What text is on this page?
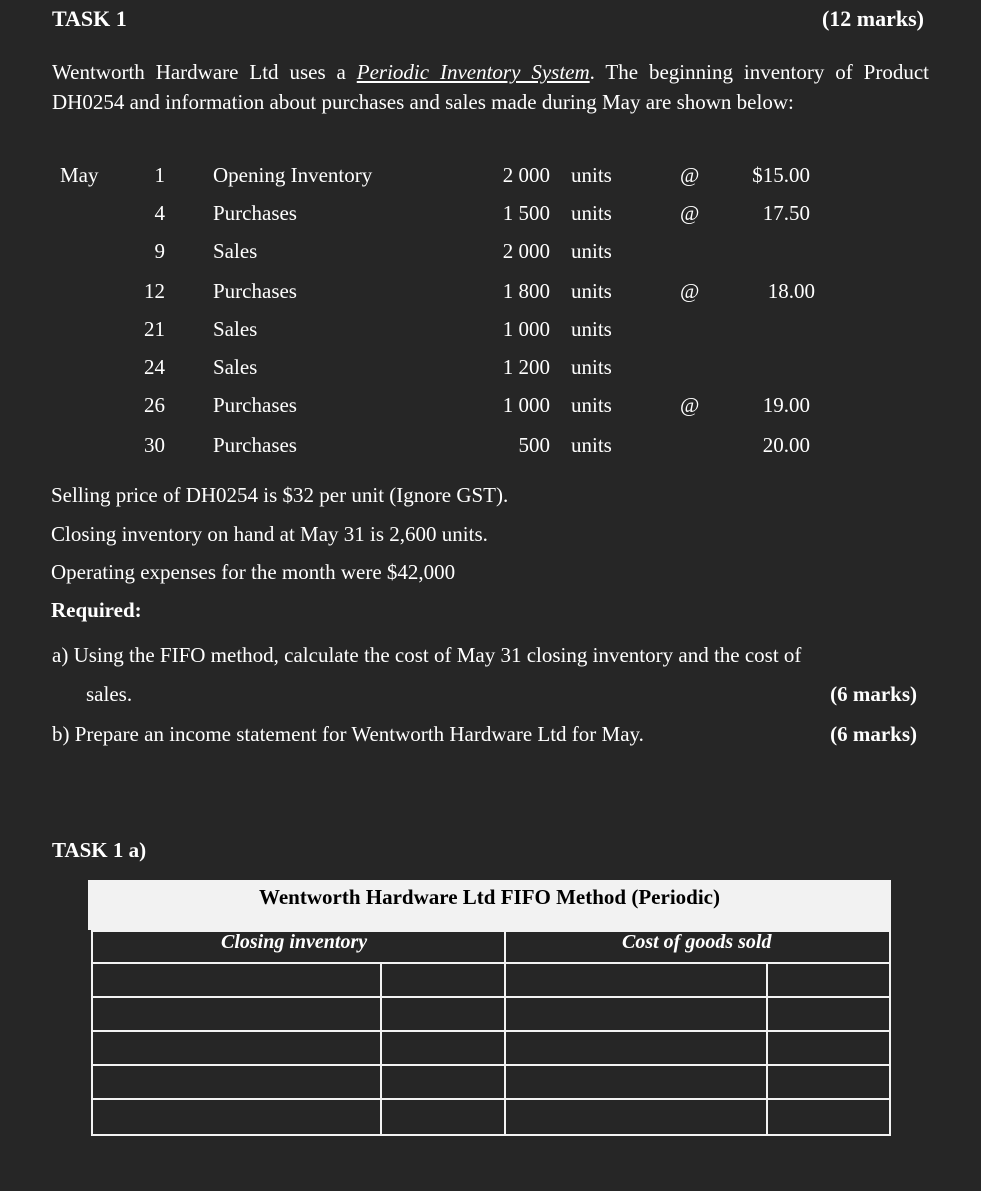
TASK 1	(12 marks)
Wentworth Hardware Ltd uses a Periodic Inventory System. The beginning inventory of Product DH0254 and information about purchases and sales made during May are shown below:
May	1 Opening Inventory	2 000 units	@	$15.00
4 Purchases	1 500 units	@	17.50
9 Sales	2 000 units
12 Purchases	1 800 units	@	18.00
21 Sales	1 000 units
24 Sales	1 200 units
26 Purchases	1 000 units	@	19.00
30 Purchases	500 units	20.00
Selling price of DH0254 is $32 per unit (Ignore GST).
Closing inventory on hand at May 31 is 2,600 units.
Operating expenses for the month were $42,000
Required:
a) Using the FIFO method, calculate the cost of May 31 closing inventory and the cost of
sales.	(6 marks)
b) Prepare an income statement for Wentworth Hardware Ltd for May.	(6 marks)
TASK 1 a)
Wentworth Hardware Ltd FIFO Method (Periodic)
Closing inventory	Cost of goods sold
